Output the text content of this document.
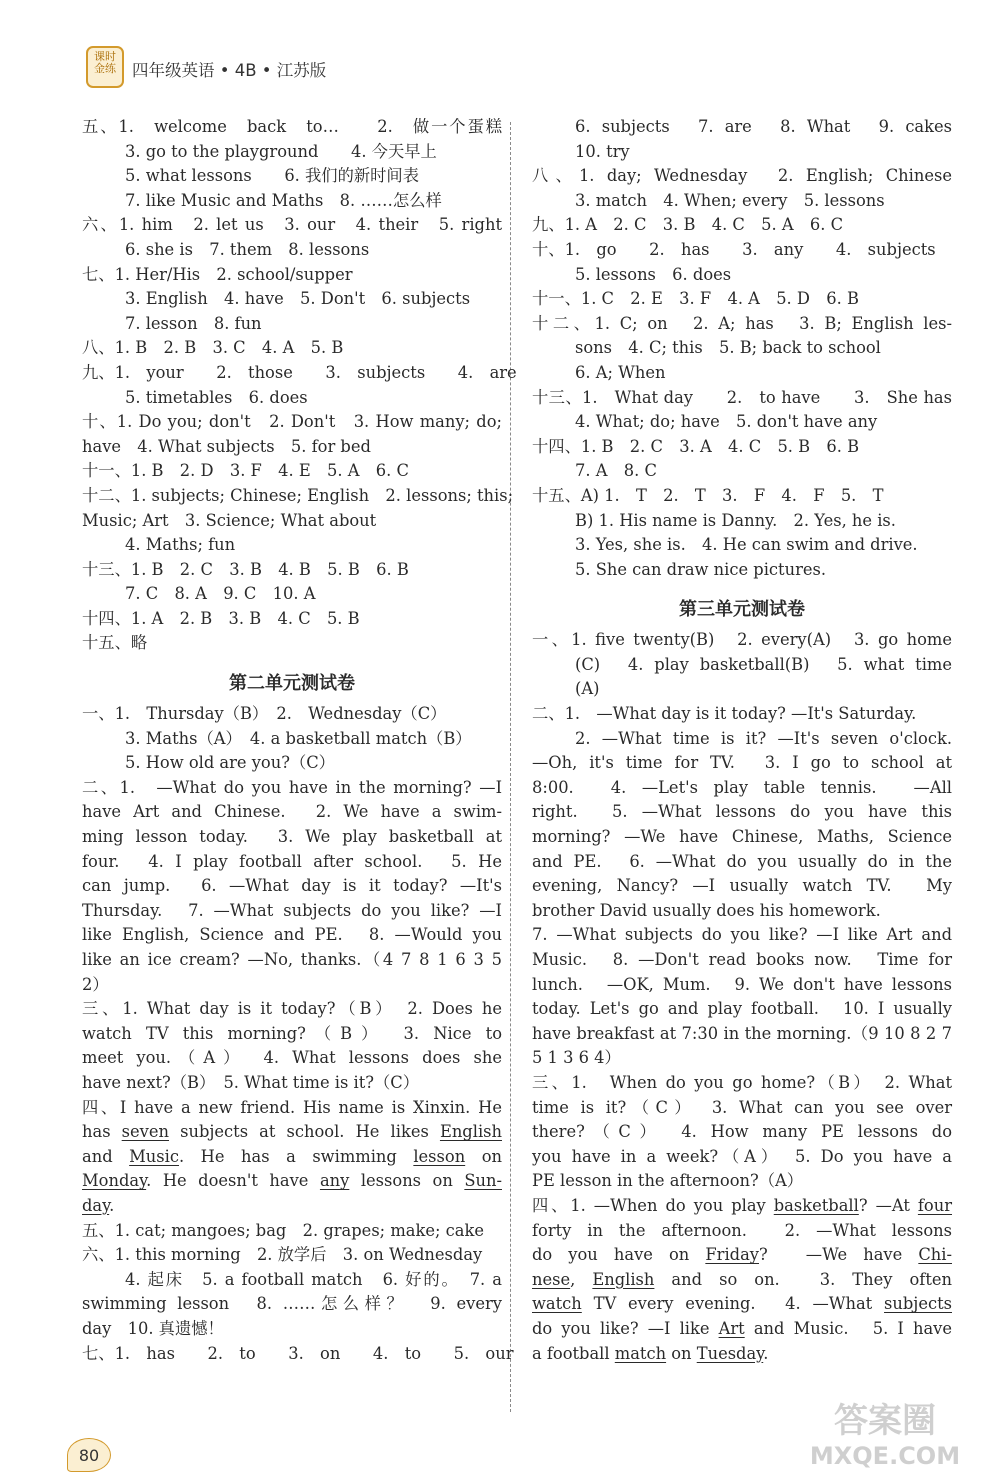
课时
金练 四年级英语 • 4B • 江苏版
五、1.　welcome　back　to…　　2.　做一个蛋糕
3. go to the playground　　4. 今天早上
5. what lessons　　6. 我们的新时间表
7. like Music and Maths　8. ……怎么样
六、1. him　2. let us　3. our　4. their　5. right
6. she is　7. them　8. lessons
七、1. Her/His　2. school/supper
3. English　4. have　5. Don't　6. subjects
7. lesson　8. fun
八、1. B　2. B　3. C　4. A　5. B
九、1.　your　　2.　those　　3.　subjects　　4.　are
5. timetables　6. does
十、1. Do you; don't　2. Don't　3. How many; do;
have　4. What subjects　5. for bed
十一、1. B　2. D　3. F　4. E　5. A　6. C
十二、1. subjects; Chinese; English　2. lessons; this;
Music; Art　3. Science; What about
4. Maths; fun
十三、1. B　2. C　3. B　4. B　5. B　6. B
7. C　8. A　9. C　10. A
十四、1. A　2. B　3. B　4. C　5. B
十五、略
第二单元测试卷
一、1.　Thursday（B）　2.　Wednesday（C）
3. Maths（A）　4. a basketball match（B）
5. How old are you?（C）
二、1.　—What do you have in the morning? —I
have Art and Chinese.　2. We have a swim-
ming lesson today.　3. We play basketball at
four.　4. I play football after school.　5. He
can jump.　6. —What day is it today? —It's
Thursday.　7. —What subjects do you like? —I
like English, Science and PE.　8. —Would you
like an ice cream? —No, thanks.（4 7 8 1 6 3 5
2）
三、1. What day is it today?（B）　2. Does he
watch TV this morning?（B）　3. Nice to
meet you.（A）　4. What lessons does she
have next?（B）　5. What time is it?（C）
四、I have a new friend. His name is Xinxin. He
has seven subjects at school. He likes English
and Music. He has a swimming lesson on
Monday. He doesn't have any lessons on Sun-
day.
五、1. cat; mangoes; bag　2. grapes; make; cake
六、1. this morning　2. 放学后　3. on Wednesday
4. 起床　5. a football match　6. 好的。　7. a
swimming lesson　8. ……怎么样？　9. every
day　10. 真遗憾！
七、1.　has　　2.　to　　3.　on　　4.　to　　5.　our
6. subjects　7. are　8. What　9. cakes
10. try
八、1. day; Wednesday　2. English; Chinese
3. match　4. When; every　5. lessons
九、1. A　2. C　3. B　4. C　5. A　6. C
十、1.　go　　2.　has　　3.　any　　4.　subjects
5. lessons　6. does
十一、1. C　2. E　3. F　4. A　5. D　6. B
十二、1. C; on　2. A; has　3. B; English les-
sons　4. C; this　5. B; back to school
6. A; When
十三、1.　What day　　2.　to have　　3.　She has
4. What; do; have　5. don't have any
十四、1. B　2. C　3. A　4. C　5. B　6. B
7. A　8. C
十五、A) 1.　T　2.　T　3.　F　4.　F　5.　T
B) 1. His name is Danny.　2. Yes, he is.
3. Yes, she is.　4. He can swim and drive.
5. She can draw nice pictures.
第三单元测试卷
一、1. five twenty(B)　2. every(A)　3. go home
(C)　4. play basketball(B)　5. what time
(A)
二、1.　—What day is it today? —It's Saturday.
2. —What time is it? —It's seven o'clock.
—Oh, it's time for TV.　3. I go to school at
8:00.　4. —Let's play table tennis.　—All
right.　5. —What lessons do you have this
morning? —We have Chinese, Maths, Science
and PE.　6. —What do you usually do in the
evening, Nancy? —I usually watch TV.　My
brother David usually does his homework.
7. —What subjects do you like? —I like Art and
Music.　8. —Don't read books now.　Time for
lunch.　—OK, Mum.　9. We don't have lessons
today. Let's go and play football.　10. I usually
have breakfast at 7:30 in the morning.（9 10 8 2 7
5 1 3 6 4）
三、1.　When do you go home?（B）　2. What
time is it?（C）　3. What can you see over
there?（C）　4. How many PE lessons do
you have in a week?（A）　5. Do you have a
PE lesson in the afternoon?（A）
四、1. —When do you play basketball? —At four
forty in the afternoon.　2. —What lessons
do you have on Friday?　—We have Chi-
nese, English and so on.　3. They often
watch TV every evening.　4. —What subjects
do you like? —I like Art and Music.　5. I have
a football match on Tuesday.
80
答案圈
MXQE.COM
